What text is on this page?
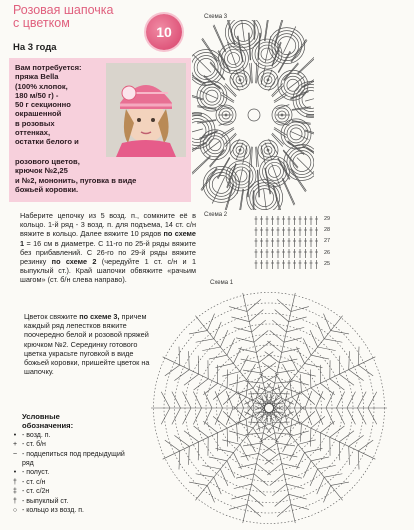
Розовая шапочка
с цветком
На 3 года
10
Вам потребуется:
пряжа Bella
(100% хлопок,
180 м/50 г) -
50 г секционно
окрашенной
в розовых
оттенках,
остатки белого и
розового цветов,
крючок №2,25
и №2, мононить, пуговка в виде
божьей коровки.
Наберите цепочку из 5 возд. п., сомкните её в кольцо. 1-й ряд - 3 возд. п. для подъема, 14 ст. с/н вяжите в кольцо. Далее вяжите 10 рядов по схеме 1 = 16 см в диаметре. С 11-го по 25-й ряды вяжите без прибавлений. С 26-го по 29-й ряды вяжите резинку по схеме 2 (чередуйте 1 ст. с/н и 1 выпуклый ст.). Край шапочки обвяжите «рачьим шагом» (ст. б/н слева направо).
Цветок свяжите по схеме 3, причем каждый ряд лепестков вяжите поочередно белой и розовой пряжей крючком №2. Серединку готового цветка украсьте пуговкой в виде божьей коровки, пришейте цветок на шапочку.
Условные
обозначения:
• - возд. п.
+ - ст. б/н
~ - подцепиться под предыдущий ряд
• - полуст.
† - ст. с/н
‡ - ст. с/2н
† - выпуклый ст.
○ - кольцо из возд. п.
Схема 3
Схема 2
Схема 1
29
28
27
26
25
